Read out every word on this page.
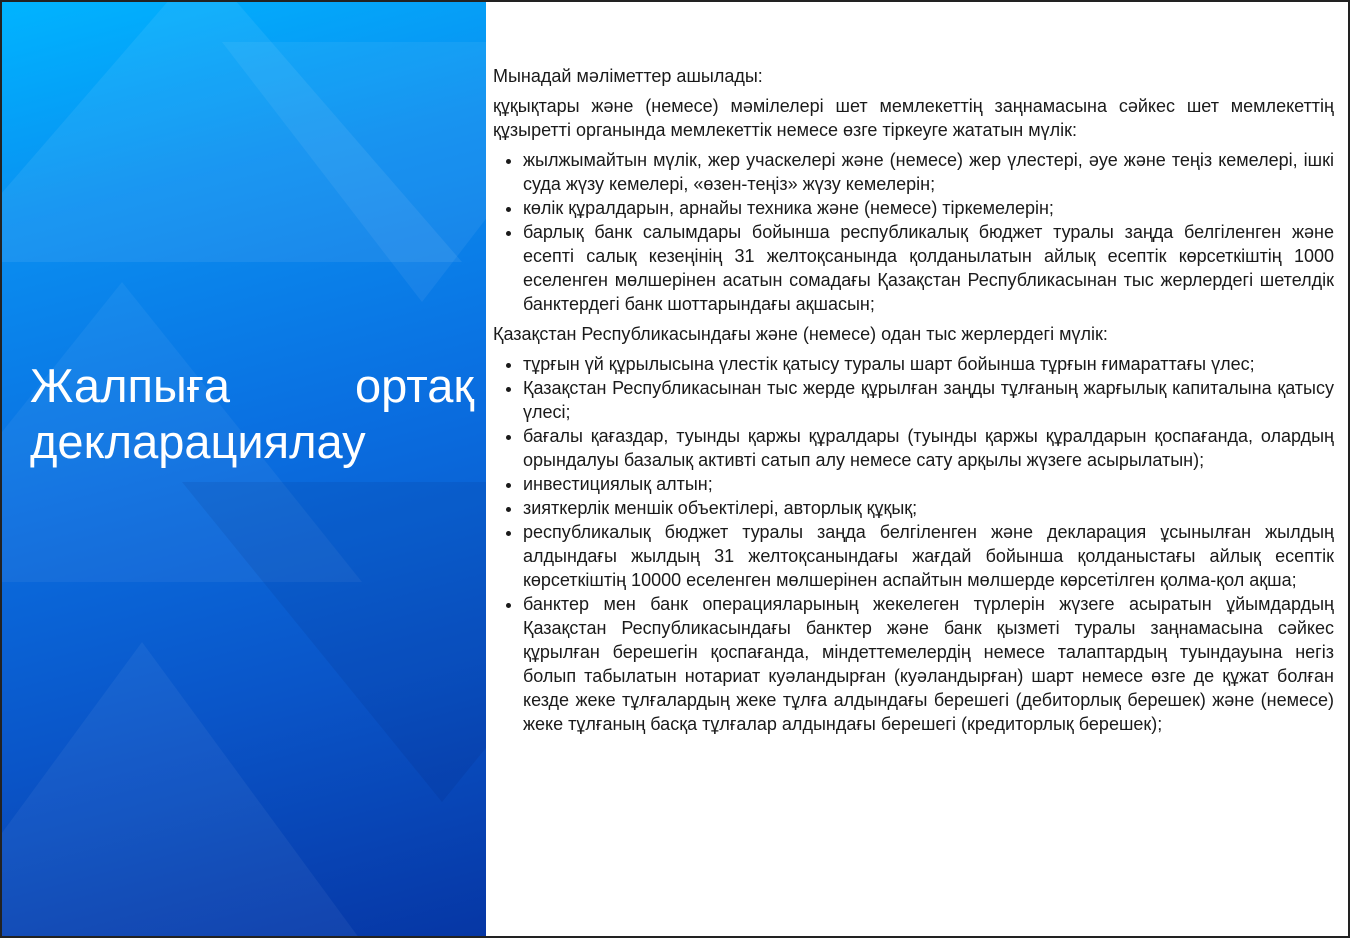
Жалпыға	ортақ
декларациялау

Мынадай мәліметтер ашылады:

құқықтары және (немесе) мәмілелері шет мемлекеттің заңнамасына сәйкес шет мемлекеттің құзыретті органында мемлекеттік немесе өзге тіркеуге жататын мүлік:

• жылжымайтын мүлік, жер учаскелері және (немесе) жер үлестері, әуе және теңіз кемелері, ішкі суда жүзу кемелері, «өзен-теңіз» жүзу кемелерін;
• көлік құралдарын, арнайы техника және (немесе) тіркемелерін;
• барлық банк салымдары бойынша республикалық бюджет туралы заңда белгіленген және есепті салық кезеңінің 31 желтоқсанында қолданылатын айлық есептік көрсеткіштің 1000 еселенген мөлшерінен асатын сомадағы Қазақстан Республикасынан тыс жерлердегі шетелдік банктердегі банк шоттарындағы ақшасын;

Қазақстан Республикасындағы және (немесе) одан тыс жерлердегі мүлік:

• тұрғын үй құрылысына үлестік қатысу туралы шарт бойынша тұрғын ғимараттағы үлес;
• Қазақстан Республикасынан тыс жерде құрылған заңды тұлғаның жарғылық капиталына қатысу үлесі;
• бағалы қағаздар, туынды қаржы құралдары (туынды қаржы құралдарын қоспағанда, олардың орындалуы базалық активті сатып алу немесе сату арқылы жүзеге асырылатын);
• инвестициялық алтын;
• зияткерлік меншік объектілері, авторлық құқық;
• республикалық бюджет туралы заңда белгіленген және декларация ұсынылған жылдың алдындағы жылдың 31 желтоқсанындағы жағдай бойынша қолданыстағы айлық есептік көрсеткіштің 10000 еселенген мөлшерінен аспайтын мөлшерде көрсетілген қолма-қол ақша;
• банктер мен банк операцияларының жекелеген түрлерін жүзеге асыратын ұйымдардың Қазақстан Республикасындағы банктер және банк қызметі туралы заңнамасына сәйкес құрылған берешегін қоспағанда, міндеттемелердің немесе талаптардың туындауына негіз болып табылатын нотариат куәландырған (куәландырған) шарт немесе өзге де құжат болған кезде жеке тұлғалардың жеке тұлға алдындағы берешегі (дебиторлық берешек) және (немесе) жеке тұлғаның басқа тұлғалар алдындағы берешегі (кредиторлық берешек);
